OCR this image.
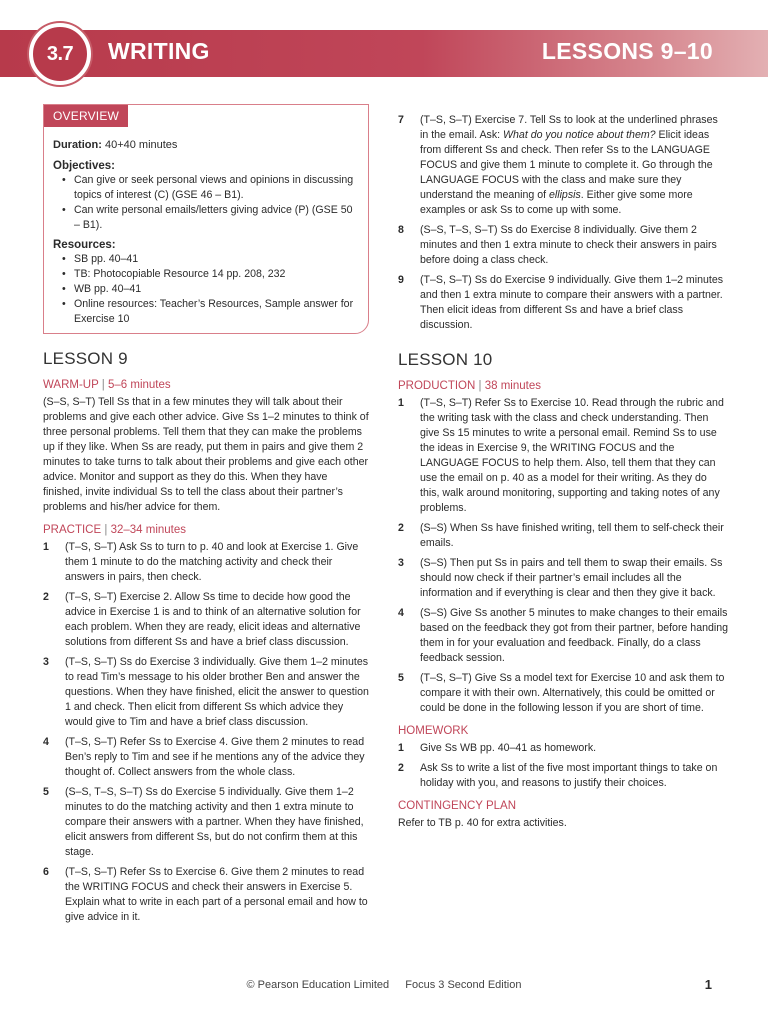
3.7 WRITING	LESSONS 9–10
OVERVIEW

Duration: 40+40 minutes

Objectives:
• Can give or seek personal views and opinions in discussing topics of interest (C) (GSE 46 – B1).
• Can write personal emails/letters giving advice (P) (GSE 50 – B1).
Resources:
• SB pp. 40–41
• TB: Photocopiable Resource 14 pp. 208, 232
• WB pp. 40–41
• Online resources: Teacher’s Resources, Sample answer for Exercise 10
LESSON 9
WARM-UP | 5–6 minutes

(S–S, S–T) Tell Ss that in a few minutes they will talk about their problems and give each other advice. Give Ss 1–2 minutes to think of three personal problems. Tell them that they can make the problems up if they like. When Ss are ready, put them in pairs and give them 2 minutes to take turns to talk about their problems and give each other advice. Monitor and support as they do this. When they have finished, invite individual Ss to tell the class about their partner’s problems and his/her advice for them.

PRACTICE | 32–34 minutes

1	(T–S, S–T) Ask Ss to turn to p. 40 and look at Exercise 1. Give them 1 minute to do the matching activity and check their answers in pairs, then check.

2	(T–S, S–T) Exercise 2. Allow Ss time to decide how good the advice in Exercise 1 is and to think of an alternative solution for each problem. When they are ready, elicit ideas and alternative solutions from different Ss and have a brief class discussion.

3	(T–S, S–T) Ss do Exercise 3 individually. Give them 1–2 minutes to read Tim’s message to his older brother Ben and answer the questions. When they have finished, elicit the answer to question 1 and check. Then elicit from different Ss which advice they would give to Tim and have a brief class discussion.

4	(T–S, S–T) Refer Ss to Exercise 4. Give them 2 minutes to read Ben’s reply to Tim and see if he mentions any of the advice they thought of. Collect answers from the whole class.

5	(S–S, T–S, S–T) Ss do Exercise 5 individually. Give them 1–2 minutes to do the matching activity and then 1 extra minute to compare their answers with a partner. When they have finished, elicit answers from different Ss, but do not confirm them at this stage.

6	(T–S, S–T) Refer Ss to Exercise 6. Give them 2 minutes to read the WRITING FOCUS and check their answers in Exercise 5. Explain what to write in each part of a personal email and how to give advice in it.

7	(T–S, S–T) Exercise 7. Tell Ss to look at the underlined phrases in the email. Ask: What do you notice about them? Elicit ideas from different Ss and check. Then refer Ss to the LANGUAGE FOCUS and give them 1 minute to complete it. Go through the LANGUAGE FOCUS with the class and make sure they understand the meaning of ellipsis. Either give some more examples or ask Ss to come up with some.

8	(S–S, T–S, S–T) Ss do Exercise 8 individually. Give them 2 minutes and then 1 extra minute to check their answers in pairs before doing a class check.

9	(T–S, S–T) Ss do Exercise 9 individually. Give them 1–2 minutes and then 1 extra minute to compare their answers with a partner. Then elicit ideas from different Ss and have a brief class discussion.

LESSON 10
PRODUCTION | 38 minutes

1	(T–S, S–T) Refer Ss to Exercise 10. Read through the rubric and the writing task with the class and check understanding. Then give Ss 15 minutes to write a personal email. Remind Ss to use the ideas in Exercise 9, the WRITING FOCUS and the LANGUAGE FOCUS to help them. Also, tell them that they can use the email on p. 40 as a model for their writing. As they do this, walk around monitoring, supporting and taking notes of any problems.

2	(S–S) When Ss have finished writing, tell them to self-check their emails.

3	(S–S) Then put Ss in pairs and tell them to swap their emails. Ss should now check if their partner’s email includes all the information and if everything is clear and then they give it back.

4	(S–S) Give Ss another 5 minutes to make changes to their emails based on the feedback they got from their partner, before handing them in for your evaluation and feedback. Finally, do a class feedback session.

5	(T–S, S–T) Give Ss a model text for Exercise 10 and ask them to compare it with their own. Alternatively, this could be omitted or could be done in the following lesson if you are short of time.

HOMEWORK

1	Give Ss WB pp. 40–41 as homework.

2	Ask Ss to write a list of the five most important things to take on holiday with you, and reasons to justify their choices.

CONTINGENCY PLAN

Refer to TB p. 40 for extra activities.

© Pearson Education Limited Focus 3 Second Edition	1
